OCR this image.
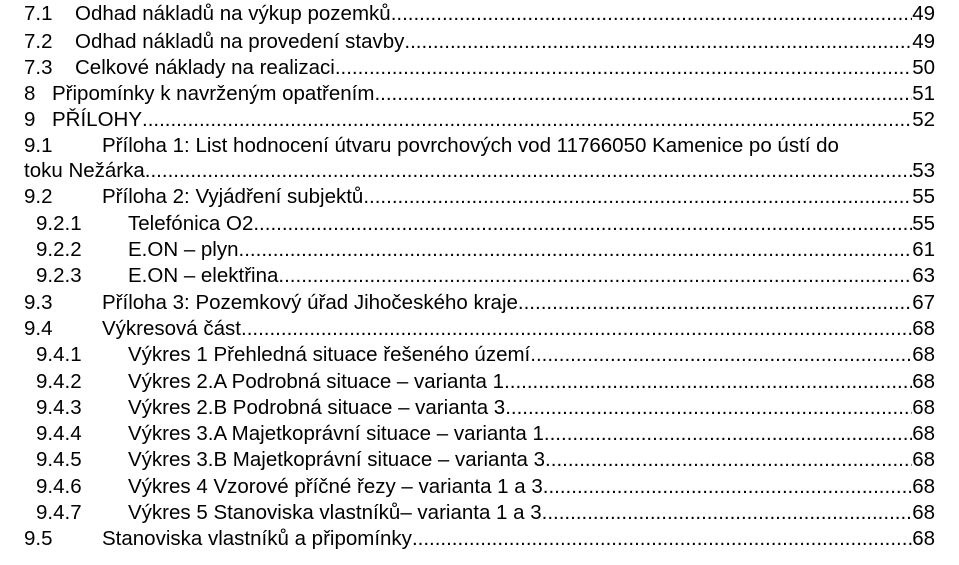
7.1 Odhad nákladů na výkup pozemků .....	49
7.2 Odhad nákladů na provedení stavby .....	49
7.3 Celkové náklady na realizaci .....	50
8 Připomínky k navrženým opatřením .....	51
9 PŘÍLOHY .....	52
9.1 Příloha 1: List hodnocení útvaru povrchových vod 11766050 Kamenice po ústí do
toku Nežárka .....	53
9.2 Příloha 2: Vyjádření subjektů .....	55
9.2.1 Telefónica O2 .....	55
9.2.2 E.ON – plyn .....	61
9.2.3 E.ON – elektřina .....	63
9.3 Příloha 3: Pozemkový úřad Jihočeského kraje .....	67
9.4 Výkresová část .....	68
9.4.1 Výkres 1 Přehledná situace řešeného území .....	68
9.4.2 Výkres 2.A Podrobná situace – varianta 1 .....	68
9.4.3 Výkres 2.B Podrobná situace – varianta 3 .....	68
9.4.4 Výkres 3.A Majetkoprávní situace – varianta 1 .....	68
9.4.5 Výkres 3.B Majetkoprávní situace – varianta 3 .....	68
9.4.6 Výkres 4 Vzorové příčné řezy – varianta 1 a 3 .....	68
9.4.7 Výkres 5 Stanoviska vlastníků– varianta 1 a 3 .....	68
9.5 Stanoviska vlastníků a připomínky .....	68
